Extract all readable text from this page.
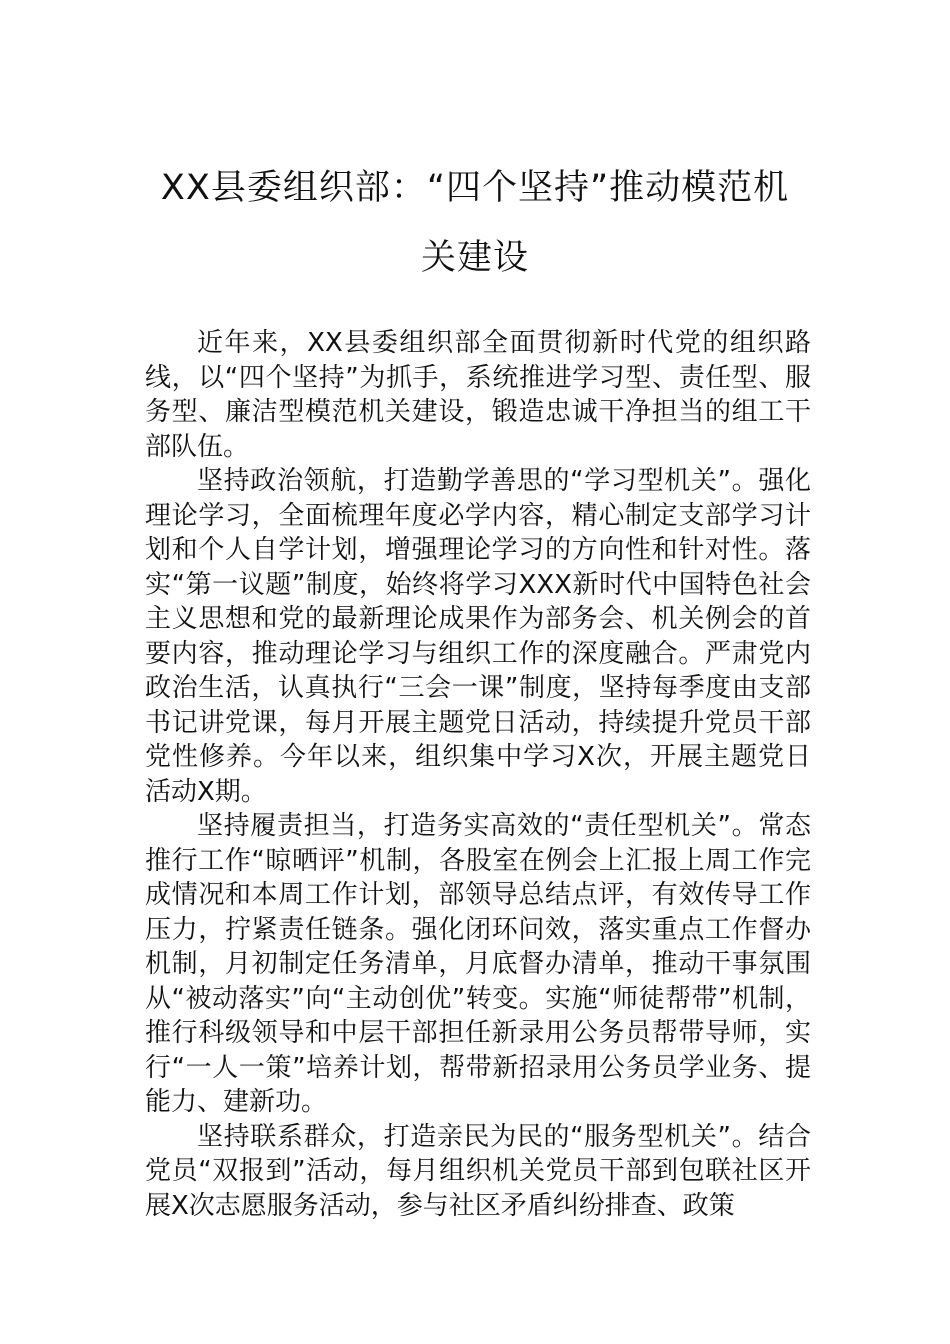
XX县委组织部：“四个坚持”推动模范机
关建设

近年来，XX县委组织部全面贯彻新时代党的组织路线，以“四个坚持”为抓手，系统推进学习型、责任型、服务型、廉洁型模范机关建设，锻造忠诚干净担当的组工干部队伍。

坚持政治领航，打造勤学善思的“学习型机关”。强化理论学习，全面梳理年度必学内容，精心制定支部学习计划和个人自学计划，增强理论学习的方向性和针对性。落实“第一议题”制度，始终将学习XXX新时代中国特色社会主义思想和党的最新理论成果作为部务会、机关例会的首要内容，推动理论学习与组织工作的深度融合。严肃党内政治生活，认真执行“三会一课”制度，坚持每季度由支部书记讲党课，每月开展主题党日活动，持续提升党员干部党性修养。今年以来，组织集中学习X次，开展主题党日活动X期。

坚持履责担当，打造务实高效的“责任型机关”。常态推行工作“晾晒评”机制，各股室在例会上汇报上周工作完成情况和本周工作计划，部领导总结点评，有效传导工作压力，拧紧责任链条。强化闭环问效，落实重点工作督办机制，月初制定任务清单，月底督办清单，推动干事氛围从“被动落实”向“主动创优”转变。实施“师徒帮带”机制，推行科级领导和中层干部担任新录用公务员帮带导师，实行“一人一策”培养计划，帮带新招录用公务员学业务、提能力、建新功。

坚持联系群众，打造亲民为民的“服务型机关”。结合党员“双报到”活动，每月组织机关党员干部到包联社区开展X次志愿服务活动，参与社区矛盾纠纷排查、政策
